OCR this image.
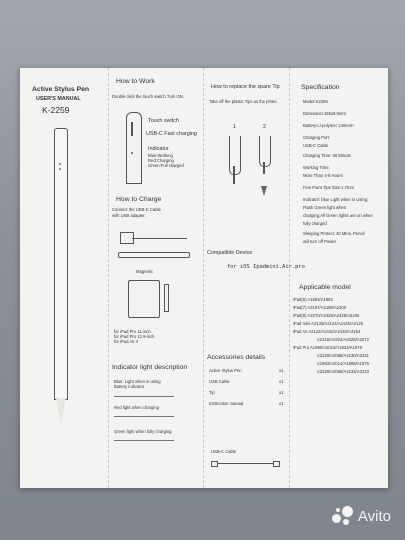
Active Stylus Pen
USER'S MANUAL
K-2259
How to Work
Double click the touch switch,Turn ON.
Touch switch
USB-C Fast charging
Indicator
Blue:Working
Red:Charging
Green:Full charged
How to Charge
Connect the USB-C Cable
with USB adapter.
Magnetic
for iPad Pro 11-inch
for iPad Pro 12.9-inch
for iPad Air 4
Indicator light description
Blue: Light when in using
Battery indicator
Red light when charging
Green light when fully charging
How to replace the spare Tip
Take off the plastic Tips as the photo
1	2
Compatible Device
for iOS Ipadmini.Air.pro
Accessories details
Active Stylus Pen	x1
USB Cable	x1
Tip	x1
Instruction manual	x1
USB-C Cable
Specification
Model:K2259
Dimension:165x8.9mm
Battery:Li-polymer 140mAh
Charging Port:
USB-C Cable
Charging Time: 90 Minute
Working Time:
More Than 4-8 Hours
Fine Point Tips Size:1.7mm
Indicator: blue Light when in Using;
Flash Green light when
charging;All Green lights are on when
fully charged
Sleeping Protect: 30 Mins. Pencil
will turn off Power
Applicable model
iPad(6) A1893/A1954
iPad(7) A2197/A2198/A2200
iPad(8) A2270/A2428/A2429/A2430
iPad mini A2133/A2124/A2125/A2126
iPad Air A2122/A2152/A2153/A2154
A2316/A2324/A2325/A2072
iPad Pro A1980/A2013/A1934/A1979
A2228/A2068/A2230/A2231
A1983/A2014/A1895/A1876
A2229/A2069/A2232/A2233
Avito
